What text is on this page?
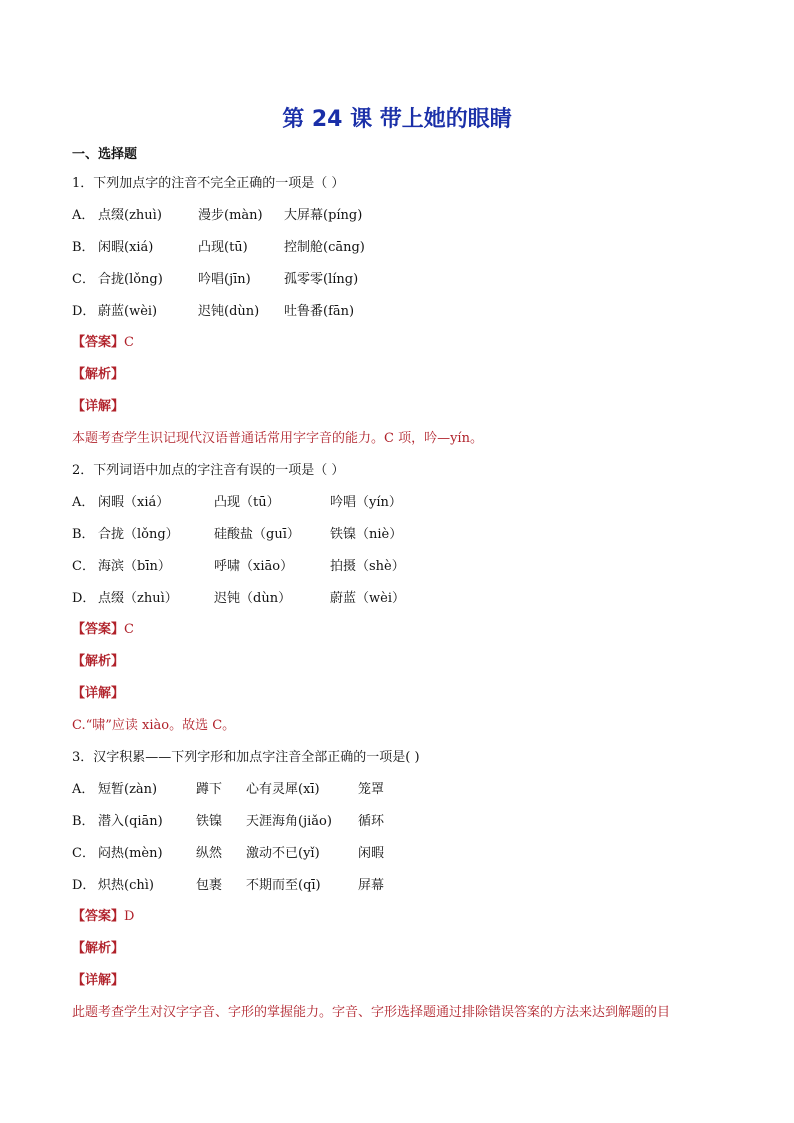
第 24 课 带上她的眼睛
一、选择题
1．下列加点字的注音不完全正确的一项是（ ）
A． 点缀(zhuì)	漫步(màn) 大屏幕(píng)
B． 闲暇(xiá)	凸现(tū)	控制舱(cāng)
C． 合拢(lǒng)	吟唱(jīn)	孤零零(líng)
D． 蔚蓝(wèi)	迟钝(dùn) 吐鲁番(fān)
【答案】C
【解析】
【详解】
本题考查学生识记现代汉语普通话常用字字音的能力。C 项，吟—yín。
2．下列词语中加点的字注音有误的一项是（ ）
A． 闲暇（xiá）	凸现（tū）	吟唱（yín）
B． 合拢（lǒng）	硅酸盐（guī） 铁镍（niè）
C． 海滨（bīn）	呼啸（xiāo）	拍摄（shè）
D． 点缀（zhuì）	迟钝（dùn）	蔚蓝（wèi）
【答案】C
【解析】
【详解】
C.“啸”应读 xiào。故选 C。
3．汉字积累——下列字形和加点字注音全部正确的一项是( )
A． 短暂(zàn)	蹲下 心有灵犀(xī)	笼罩
B． 潜入(qiān)	铁镍 天涯海角(jiǎo) 循环
C． 闷热(mèn)	纵然 激动不已(yǐ)	闲暇
D． 炽热(chì)	包裹 不期而至(qī)	屏幕
【答案】D
【解析】
【详解】
此题考查学生对汉字字音、字形的掌握能力。字音、字形选择题通过排除错误答案的方法来达到解题的目
